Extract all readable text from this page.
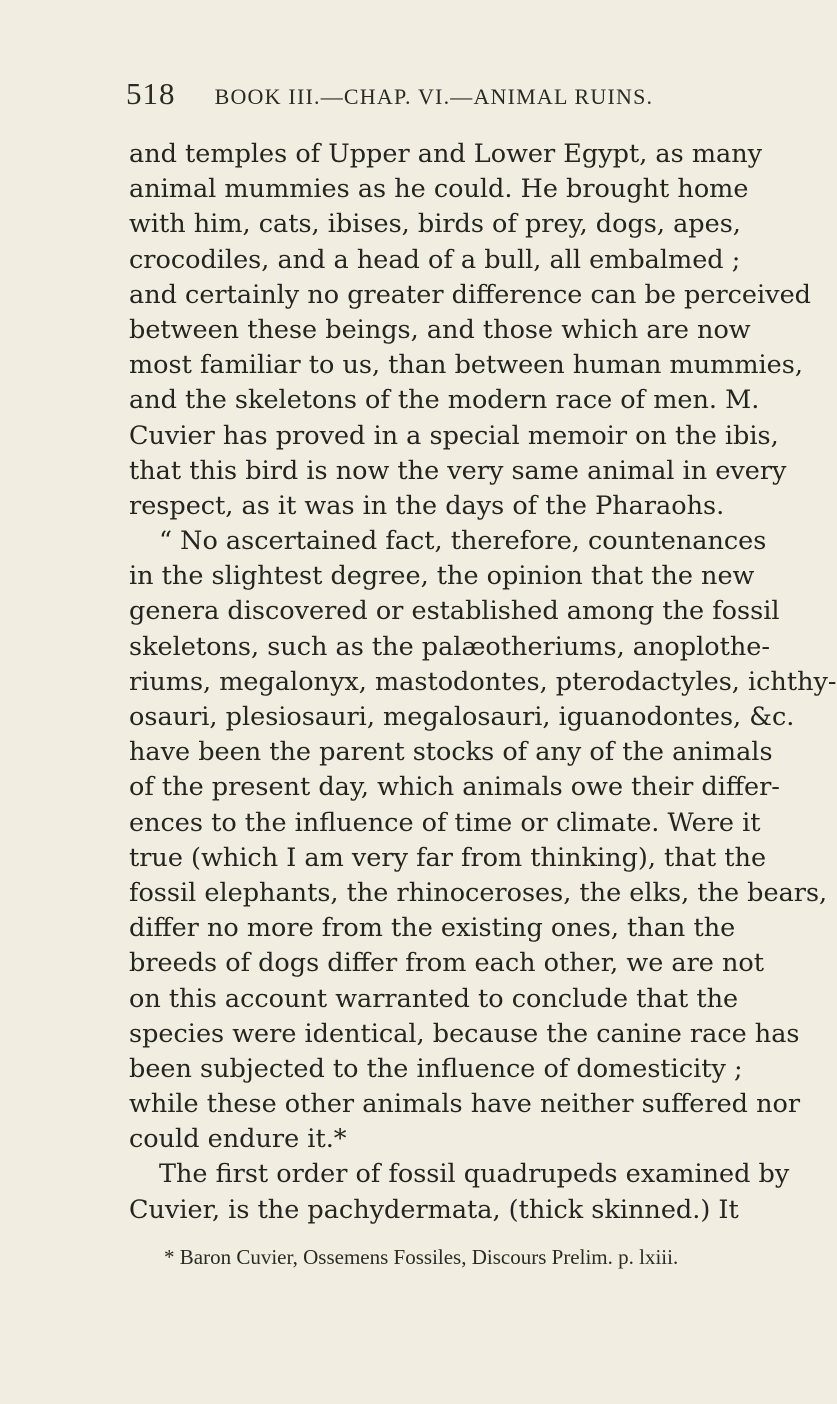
518 BOOK III.—CHAP. VI.—ANIMAL RUINS.
and temples of Upper and Lower Egypt, as many
animal mummies as he could. He brought home
with him, cats, ibises, birds of prey, dogs, apes,
crocodiles, and a head of a bull, all embalmed ;
and certainly no greater difference can be perceived
between these beings, and those which are now
most familiar to us, than between human mummies,
and the skeletons of the modern race of men. M.
Cuvier has proved in a special memoir on the ibis,
that this bird is now the very same animal in every
respect, as it was in the days of the Pharaohs.
“ No ascertained fact, therefore, countenances
in the slightest degree, the opinion that the new
genera discovered or established among the fossil
skeletons, such as the palæotheriums, anoplothe-
riums, megalonyx, mastodontes, pterodactyles, ichthy-
osauri, plesiosauri, megalosauri, iguanodontes, &c.
have been the parent stocks of any of the animals
of the present day, which animals owe their differ-
ences to the influence of time or climate. Were it
true (which I am very far from thinking), that the
fossil elephants, the rhinoceroses, the elks, the bears,
differ no more from the existing ones, than the
breeds of dogs differ from each other, we are not
on this account warranted to conclude that the
species were identical, because the canine race has
been subjected to the influence of domesticity ;
while these other animals have neither suffered nor
could endure it.*
The first order of fossil quadrupeds examined by
Cuvier, is the pachydermata, (thick skinned.) It
* Baron Cuvier, Ossemens Fossiles, Discours Prelim. p. lxiii.
